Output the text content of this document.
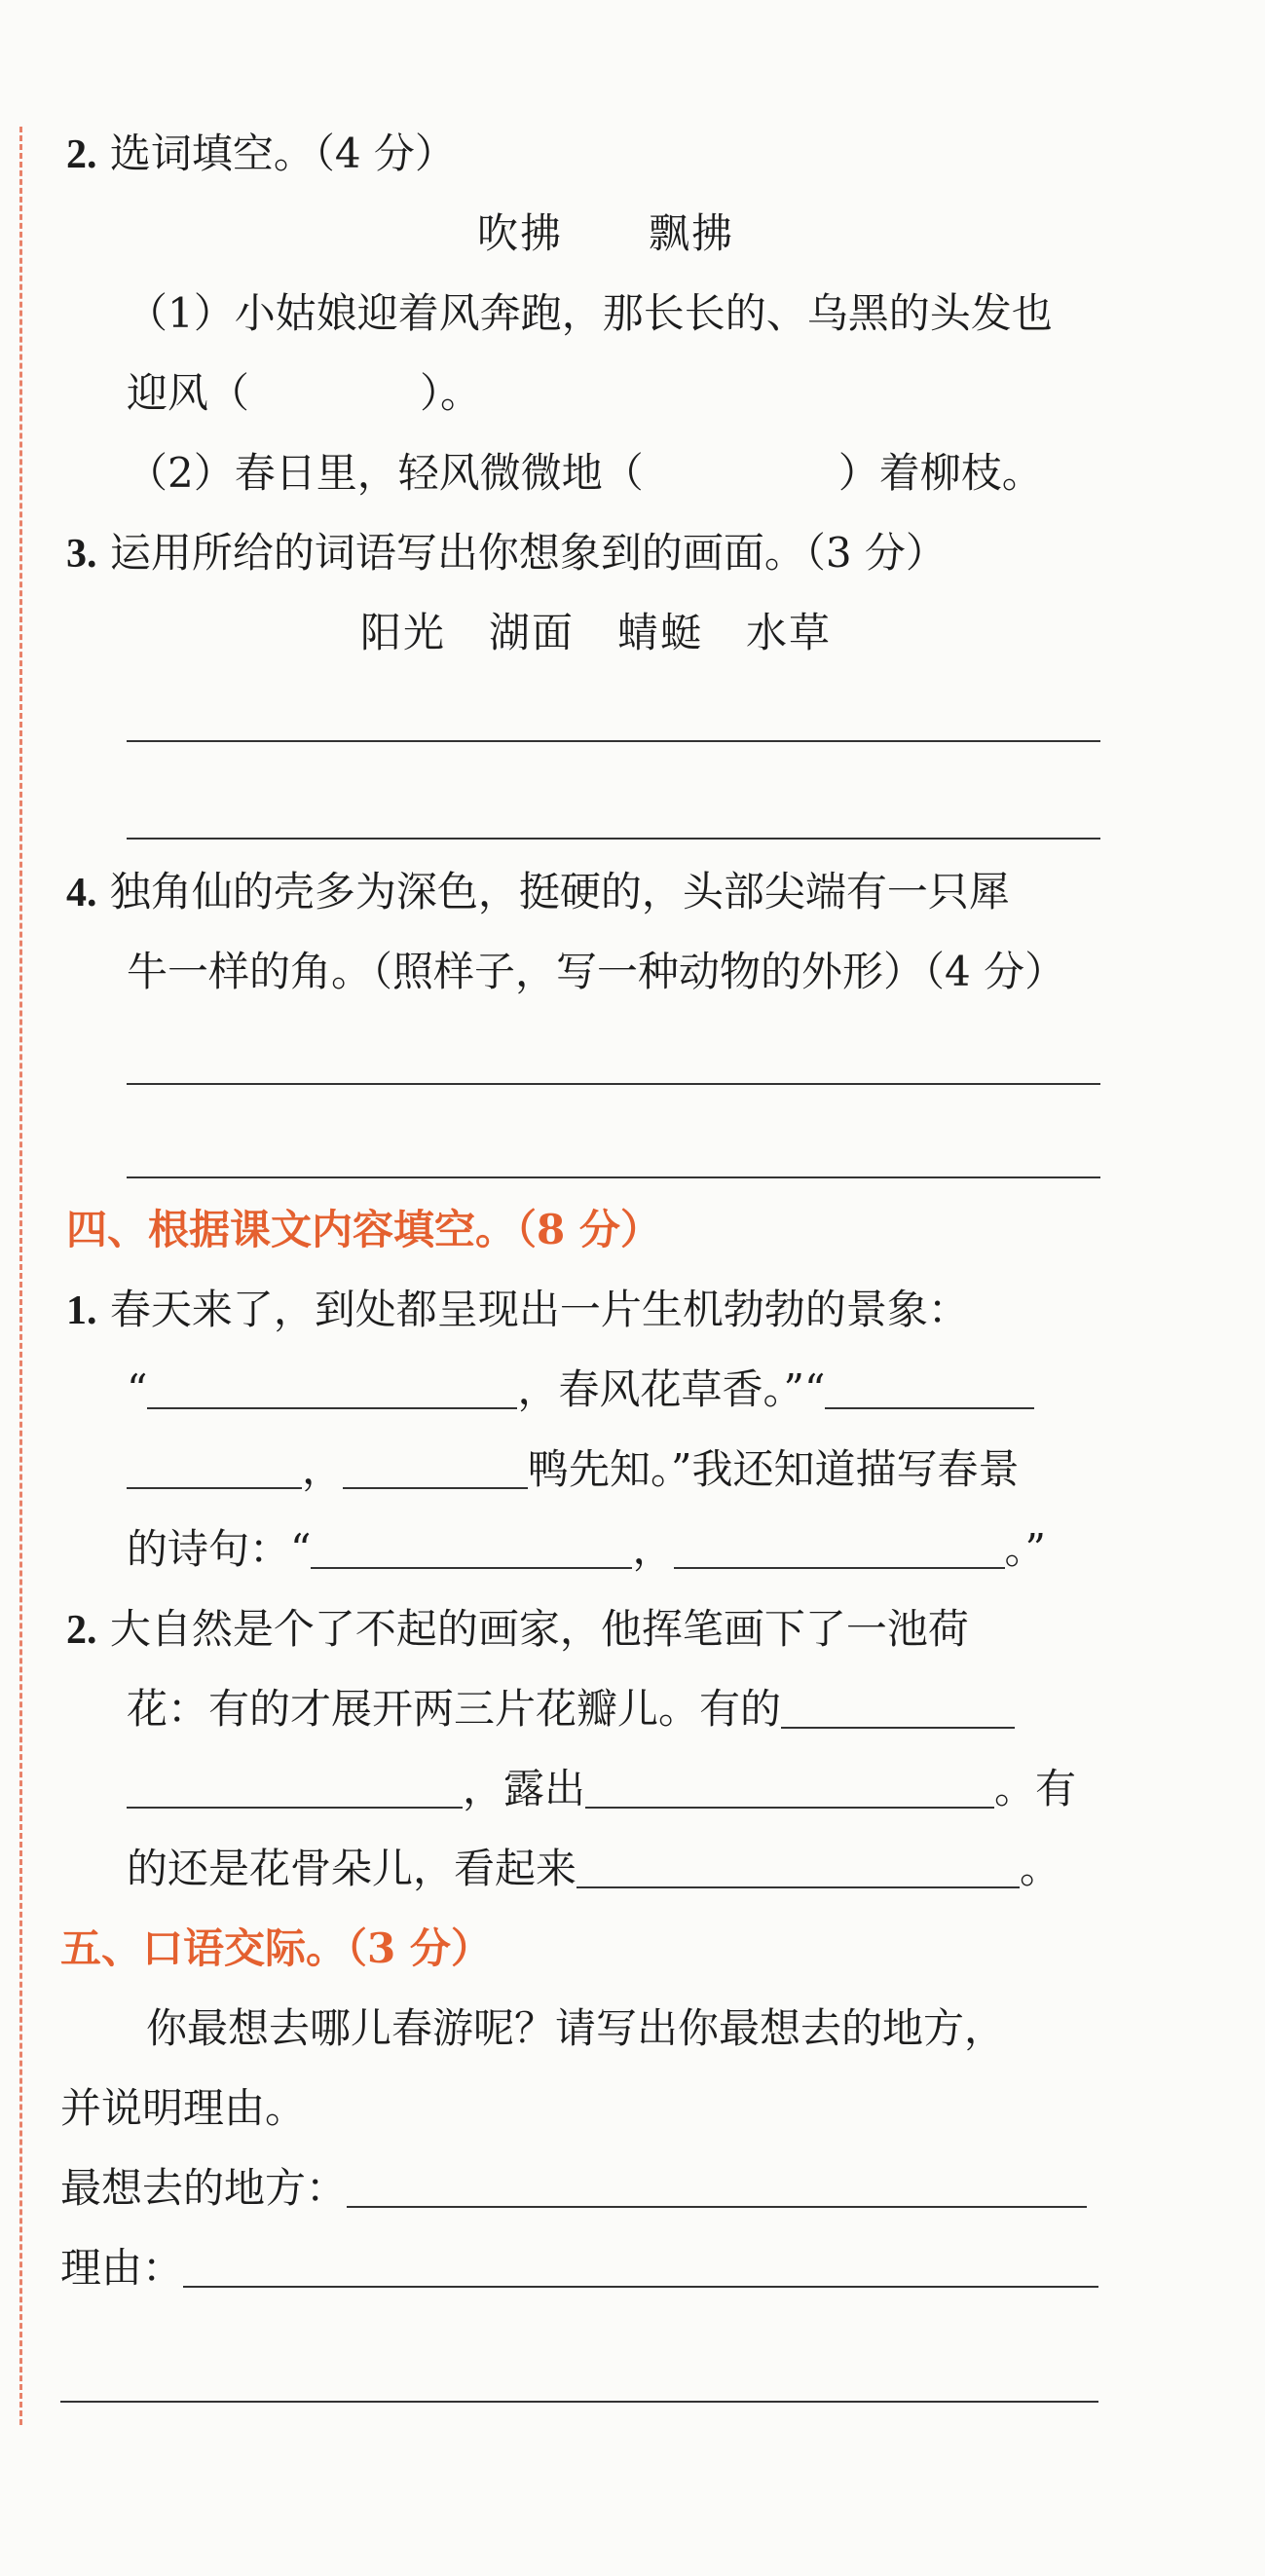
2. 选词填空。（4 分）
吹拂　　飘拂
（1）小姑娘迎着风奔跑，那长长的、乌黑的头发也
迎风（	）。
（2）春日里，轻风微微地（	）着柳枝。
3. 运用所给的词语写出你想象到的画面。（3 分）
阳光　湖面　蜻蜓　水草
4. 独角仙的壳多为深色，挺硬的，头部尖端有一只犀
牛一样的角。（照样子，写一种动物的外形）（4 分）
四、根据课文内容填空。（8 分）
1. 春天来了，到处都呈现出一片生机勃勃的景象：
“	，春风花草香。”“
，	鸭先知。”我还知道描写春景
的诗句：“	，	。”
2. 大自然是个了不起的画家，他挥笔画下了一池荷
花：有的才展开两三片花瓣儿。有的
，露出	。有
的还是花骨朵儿，看起来	。
五、口语交际。（3 分）
你最想去哪儿春游呢？请写出你最想去的地方，
并说明理由。
最想去的地方：
理由：
